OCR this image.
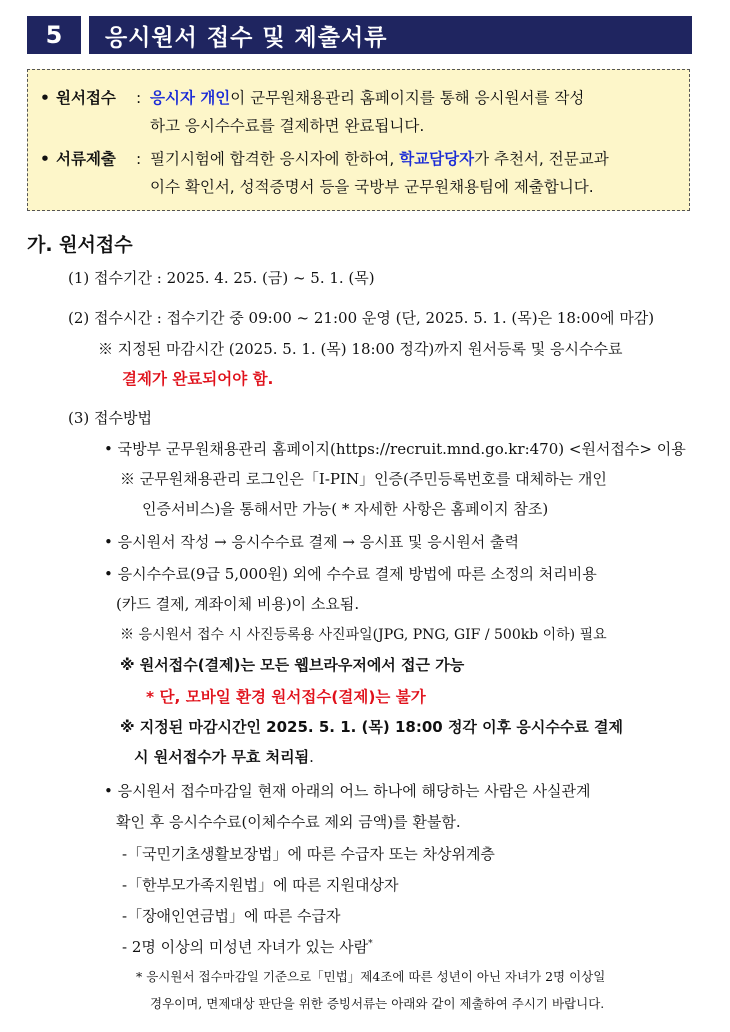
5	응시원서 접수 및 제출서류
• 원서접수 : 응시자 개인이 군무원채용관리 홈페이지를 통해 응시원서를 작성
하고 응시수수료를 결제하면 완료됩니다.
• 서류제출 : 필기시험에 합격한 응시자에 한하여, 학교담당자가 추천서, 전문교과
이수 확인서, 성적증명서 등을 국방부 군무원채용팀에 제출합니다.
가. 원서접수
(1) 접수기간 : 2025. 4. 25. (금) ~ 5. 1. (목)
(2) 접수시간 : 접수기간 중 09:00 ~ 21:00 운영 (단, 2025. 5. 1. (목)은 18:00에 마감)
※ 지정된 마감시간 (2025. 5. 1. (목) 18:00 정각)까지 원서등록 및 응시수수료
결제가 완료되어야 함.
(3) 접수방법
• 국방부 군무원채용관리 홈페이지(https://recruit.mnd.go.kr:470) <원서접수> 이용
※ 군무원채용관리 로그인은「I-PIN」인증(주민등록번호를 대체하는 개인
인증서비스)을 통해서만 가능( * 자세한 사항은 홈페이지 참조)
• 응시원서 작성 → 응시수수료 결제 → 응시표 및 응시원서 출력
• 응시수수료(9급 5,000원) 외에 수수료 결제 방법에 따른 소정의 처리비용
(카드 결제, 계좌이체 비용)이 소요됨.
※ 응시원서 접수 시 사진등록용 사진파일(JPG, PNG, GIF / 500kb 이하) 필요
※ 원서접수(결제)는 모든 웹브라우저에서 접근 가능
* 단, 모바일 환경 원서접수(결제)는 불가
※ 지정된 마감시간인 2025. 5. 1. (목) 18:00 정각 이후 응시수수료 결제
시 원서접수가 무효 처리됨.
• 응시원서 접수마감일 현재 아래의 어느 하나에 해당하는 사람은 사실관계
확인 후 응시수수료(이체수수료 제외 금액)를 환불함.
-「국민기초생활보장법」에 따른 수급자 또는 차상위계층
-「한부모가족지원법」에 따른 지원대상자
-「장애인연금법」에 따른 수급자
- 2명 이상의 미성년 자녀가 있는 사람*
* 응시원서 접수마감일 기준으로「민법」제4조에 따른 성년이 아닌 자녀가 2명 이상일
경우이며, 면제대상 판단을 위한 증빙서류는 아래와 같이 제출하여 주시기 바랍니다.
